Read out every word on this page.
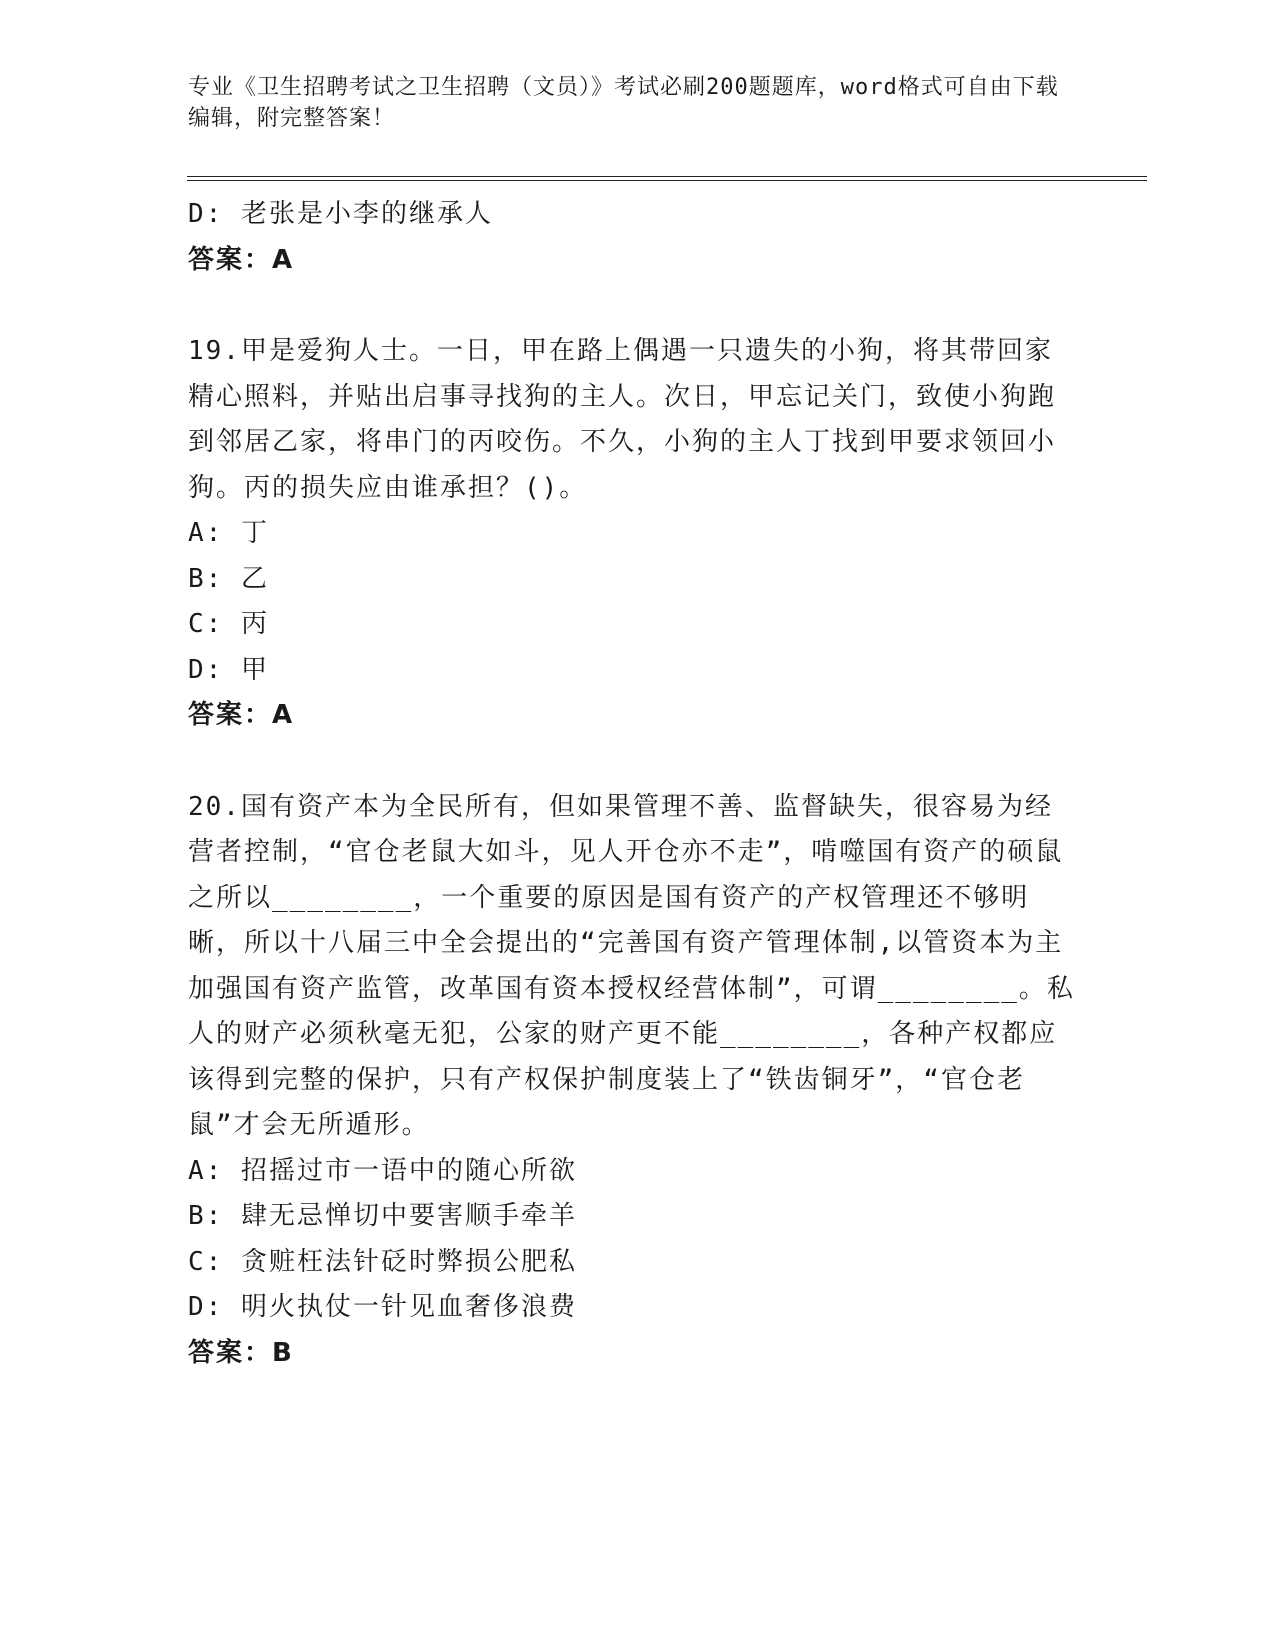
专业《卫生招聘考试之卫生招聘（文员）》考试必刷200题题库，word格式可自由下载编辑，附完整答案！
D: 老张是小李的继承人
答案：A
19.甲是爱狗人士。一日，甲在路上偶遇一只遗失的小狗，将其带回家精心照料，并贴出启事寻找狗的主人。次日，甲忘记关门，致使小狗跑到邻居乙家，将串门的丙咬伤。不久，小狗的主人丁找到甲要求领回小狗。丙的损失应由谁承担？()。
A: 丁
B: 乙
C: 丙
D: 甲
答案：A
20.国有资产本为全民所有，但如果管理不善、监督缺失，很容易为经营者控制，“官仓老鼠大如斗，见人开仓亦不走”，啃噬国有资产的硕鼠之所以________，一个重要的原因是国有资产的产权管理还不够明晰，所以十八届三中全会提出的“完善国有资产管理体制,以管资本为主加强国有资产监管，改革国有资本授权经营体制”，可谓________。私人的财产必须秋毫无犯，公家的财产更不能________，各种产权都应该得到完整的保护，只有产权保护制度装上了“铁齿铜牙”，“官仓老鼠”才会无所遁形。
A: 招摇过市一语中的随心所欲
B: 肆无忌惮切中要害顺手牵羊
C: 贪赃枉法针砭时弊损公肥私
D: 明火执仗一针见血奢侈浪费
答案：B
